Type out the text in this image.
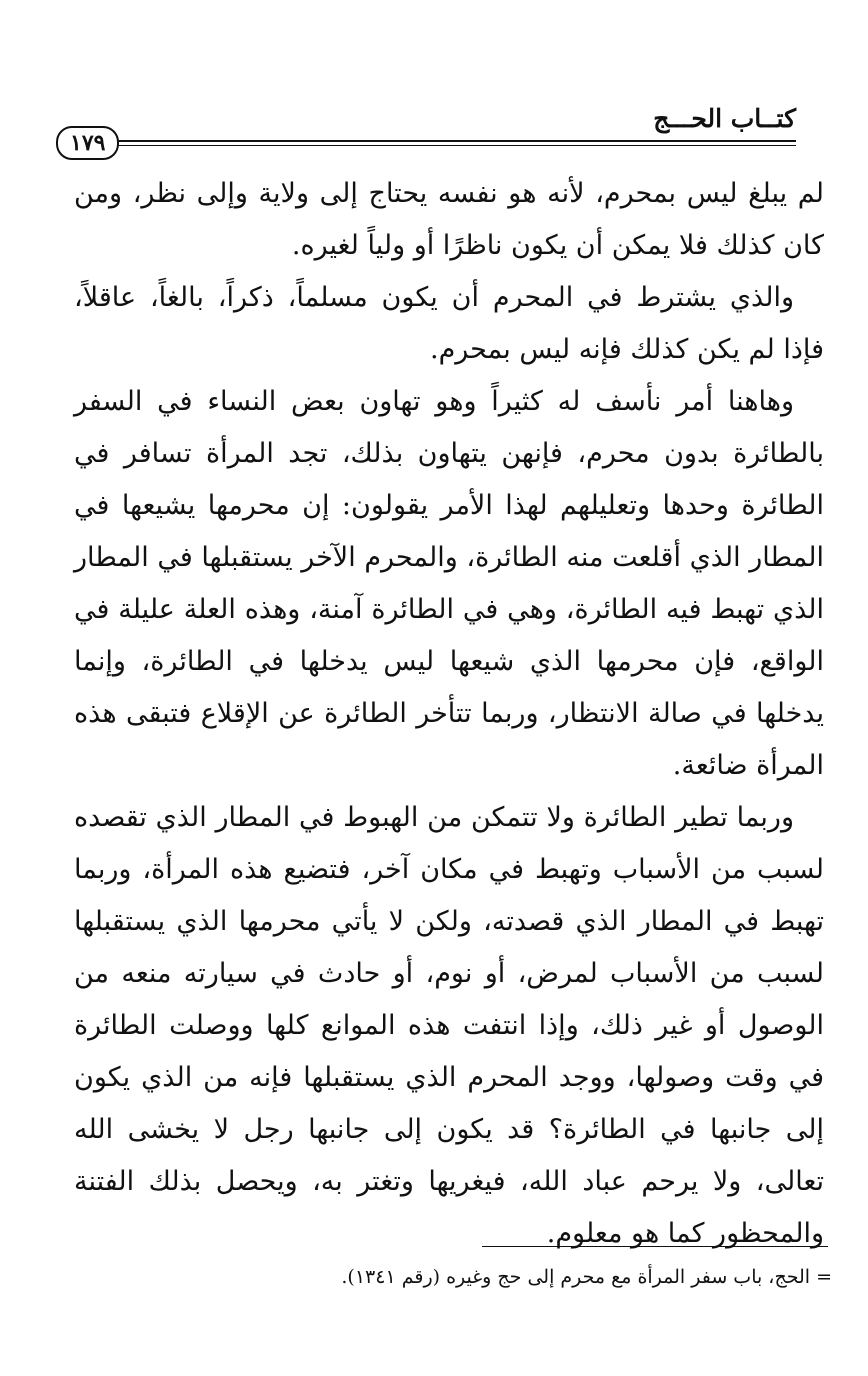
كتــاب الحـــج
١٧٩

لم يبلغ ليس بمحرم، لأنه هو نفسه يحتاج إلى ولاية وإلى نظر، ومن كان كذلك فلا يمكن أن يكون ناظرًا أو ولياً لغيره.

والذي يشترط في المحرم أن يكون مسلماً، ذكراً، بالغاً، عاقلاً، فإذا لم يكن كذلك فإنه ليس بمحرم.

وهاهنا أمر نأسف له كثيراً وهو تهاون بعض النساء في السفر بالطائرة بدون محرم، فإنهن يتهاون بذلك، تجد المرأة تسافر في الطائرة وحدها وتعليلهم لهذا الأمر يقولون: إن محرمها يشيعها في المطار الذي أقلعت منه الطائرة، والمحرم الآخر يستقبلها في المطار الذي تهبط فيه الطائرة، وهي في الطائرة آمنة، وهذه العلة عليلة في الواقع، فإن محرمها الذي شيعها ليس يدخلها في الطائرة، وإنما يدخلها في صالة الانتظار، وربما تتأخر الطائرة عن الإقلاع فتبقى هذه المرأة ضائعة.

وربما تطير الطائرة ولا تتمكن من الهبوط في المطار الذي تقصده لسبب من الأسباب وتهبط في مكان آخر، فتضيع هذه المرأة، وربما تهبط في المطار الذي قصدته، ولكن لا يأتي محرمها الذي يستقبلها لسبب من الأسباب لمرض، أو نوم، أو حادث في سيارته منعه من الوصول أو غير ذلك، وإذا انتفت هذه الموانع كلها ووصلت الطائرة في وقت وصولها، ووجد المحرم الذي يستقبلها فإنه من الذي يكون إلى جانبها في الطائرة؟ قد يكون إلى جانبها رجل لا يخشى الله تعالى، ولا يرحم عباد الله، فيغريها وتغتر به، ويحصل بذلك الفتنة والمحظور كما هو معلوم.

= الحج، باب سفر المرأة مع محرم إلى حج وغيره (رقم ١٣٤١).
